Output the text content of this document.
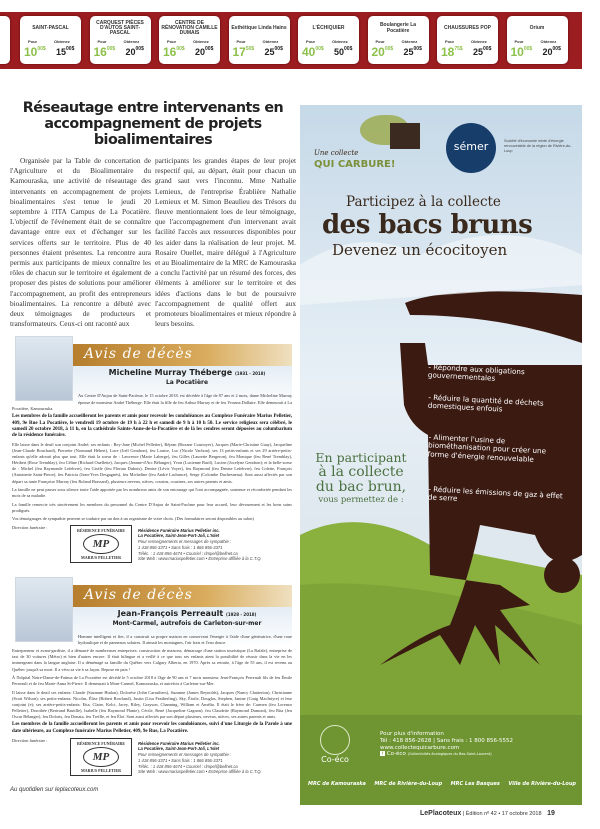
SAINT-PASCAL
Pour	Obtenez
$10^{00\$}$ $15^{00\$}$
CARQUEST PIÈCES D'AUTOS SAINT-PASCAL
Pour	Obtenez
$16^{00\$}$ $20^{00\$}$
CENTRE DE RÉNOVATION CAMILLE DUMAIS
Pour	Obtenez
$16^{00\$}$ $20^{00\$}$
Esthétique Linda Hains
Pour	Obtenez
$17^{50\$}$ $25^{00\$}$
L'ÉCHIQUIER
Pour	Obtenez
$40^{00\$}$ $50^{00\$}$
Boulangerie La Pocatière
Pour	Obtenez
$20^{00\$}$ $25^{00\$}$
CHAUSSURES POP
Pour	Obtenez
$18^{75\$}$ $25^{00\$}$
Orium
Pour	Obtenez
$10^{00\$}$ $20^{00\$}$
Réseautage entre intervenants en accompagnement de projets bioalimentaires

Organisée par la Table de concertation de l'Agriculture et du Bioalimentaire du Kamouraska, une activité de réseautage des intervenants en accompagnement de projets bioalimentaires s'est tenue le jeudi 20 septembre à l'ITA Campus de La Pocatière. L'objectif de l'événement était de se connaître davantage entre eux et d'échanger sur les services offerts sur le territoire. Plus de 40 personnes étaient présentes. La rencontre aura permis aux participants de mieux connaître les rôles de chacun sur le territoire et également de proposer des pistes de solutions pour améliorer l'accompagnement, au profit des entrepreneurs bioalimentaires. La rencontre a débuté avec deux témoignages de producteurs et transformateurs. Ceux-ci ont raconté aux

participants les grandes étapes de leur projet respectif qui, au départ, était pour chacun un grand saut vers l'inconnu. Mme Nathalie Lemieux, de l'entreprise Érablière Nathalie Lemieux et M. Simon Beaulieu des Trésors du fleuve mentionnaient loes de leur témoignage, que l'accompagnement d'un intervenant avait facilité l'accès aux ressources disponibles pour les aider dans la réalisation de leur projet. M. Rosaire Ouellet, maire délégué à l'Agriculture et au Bioalimentaire de la MRC de Kamouraska a conclu l'activité par un résumé des forces, des éléments à améliorer sur le territoire et des idées d'actions dans le but de poursuivre l'accompagnement de qualité offert aux promoteurs bioalimentaires et mieux répondre à leurs besoins.

Avis de décès
Micheline Murray Théberge (1931 - 2018)
La Pocatière

Au Centre D'Anjou de Saint-Pacôme, le 15 octobre 2018, est décédée à l'âge de 87 ans et 2 mois, dame Micheline Murray épouse de monsieur André Théberge. Elle était la fille de feu Arthur Murray et de feu Yvonna Dallaire. Elle demeurait à La Pocatière, Kamouraska.

Les membres de la famille accueilleront les parents et amis pour recevoir les condoléances au Complexe Funéraire Marius Pelletier, 409, 9e Rue La Pocatière, le vendredi 19 octobre de 19 h à 22 h et samedi de 9 h à 10 h 50. Le service religieux sera célébré, le samedi 20 octobre 2018, à 11 h, en la cathédrale Sainte-Anne-de-la-Pocatière et de là les cendres seront déposées au columbarium de la résidence funéraire.

Elle laisse dans le deuil son conjoint André; ses enfants : Rey-Jane (Michel Pelletier), Réjean (Roxane Courtoyer), Jacques (Marie-Christine Guay), Jacqueline (Jean-Claude Bouchard), Pierrette (Normand Hébert), Luce (Joël Gendron), feu Louise, Luc (Nicole Vachon); ses 13 petits-enfants et ses 29 arrière-petits-enfants qu'elle adorait plus que tout. Elle était la soeur de : Lawrence (Marie Laberge), feu Gilles (Laurette Bergeron), feu Monique (feu René Tremblay), Héribert (Rose Tremblay), feu Céline (Richard Ouellette), Jacques (Jeanne-d'Arc Bélanger), Yvon (Lucienne Baril), Lucien (Jocelyne Gendron); et la belle-soeur de : Michel (feu Raymonde Lefebvre), feu Gisèle (feu Florian Dubois), Denise (Lévis Voyer), feu Raymond (feu Denise Lefebvre), feu Colette, François (Antoinette Saint-Pierre), feu Patricia (Jean-Yves Desgagnés), feu Micheline (feu André Lachance), Serge (Colombe Duchesneau). Sont aussi affectés par son départ sa tante Françoise Murray (feu Roland Brassard), plusieurs neveux, nièces, cousins, cousines, ses autres parents et amis.

La famille ne peut passer sous silence toute l'aide apportée par les nombreux amis de son entourage qui l'ont accompagnée, soutenue et réconfortée pendant les mois de sa maladie.

La famille remercie très sincèrement les membres du personnel du Centre D'Anjou de Saint-Pacôme pour leur accueil, leur dévouement et les bons soins prodigués.

Vos témoignages de sympathie peuvent se traduire par un don à un organisme de votre choix. (Des formulaires seront disponibles au salon)

Direction funéraire :
RÉSIDENCE FUNÉRAIRE
MP
MARIUS PELLETIER
Résidence Funéraire Marius Pelletier inc.
La Pocatière, Saint-Jean-Port-Joli, L'Islet
Pour renseignements et messages de sympathie :
1 418 856-3371 • Sans frais : 1 866 856-3371
Téléc. : 1 418 856-4674 • Courriel : rlmpel@bellnet.ca
Site Web : www.mariuspelletier.com • Entreprise affiliée à la C.T.Q.
Avis de décès
Jean-François Perreault (1928 - 2018)
Mont-Carmel, autrefois de Carleton-sur-mer

Homme intelligent et fier, il a construit sa propre maison en conservant l'énergie à l'aide d'une génératrice, d'une roue hydraulique et de panneaux solaires. Il aimait les montagnes, l'air frais et l'eau douce.

Entrepreneur et avant-gardiste, il a démarré de nombreuses entreprises: construction de maisons, démarrage d'une station touristique (La Rafale), entreprise de taxi de 30 voitures (Métro) et bien d'autres encore. Il était bilingue et a veillé à ce que tous ses enfants aient la possibilité de réussir dans la vie en les immergeant dans la langue anglaise. Il a déménagé sa famille du Québec vers Calgary Alberta, en 1970. Après sa retraite, à l'âge de 55 ans, il est revenu au Québec jusqu'à sa mort. Il a vécu sa vie à sa façon. Repose en paix !

À l'hôpital Notre-Dame-de-Fatima de La Pocatière est décédé le 5 octobre 2018 à l'âge de 90 ans et 7 mois monsieur Jean-François Perreault fils de feu Émile Perreault et de feu Marie-Anna St-Pierre. Il demeurait à Mont-Carmel, Kamouraska, et autrefois à Carleton-sur-Mer.

Il laisse dans le deuil ses enfants: Claude (Suzanne Hudon), Dolorèse (John Carruthers), Suzanne (James Reynolds), Jacques (Nancy Chatterton), Christianne (Scott Wilson); ses petits-enfants: Nicolas, Élise (Robert Rowland), Justin (Lisa Featherling), Sky, Étoile, Douglas, Stephen, Janine (Craig MacIntyre) et leur conjoint (e); ses arrière-petits-enfants: Etta, Claire, Kelci, Jacey, Riley, Grayson, Channing, William et Amélia. Il était le frère de: Carmen (feu Lorenzo Pelletier), Dorothée (Bertrand Bastille), Isabelle (feu Raymond Plante), Cécile, René (Jacqueline Gagnon), feu Claudette (Raymond Dumont), feu Rita (feu Oscar Bélanger), feu Doloris, feu Donata, feu Treffle, et feu Éloï. Sont aussi affectés par son départ plusieurs, neveux, nièces, ses autres parents et amis.

Les membres de la famille accueilleront les parents et amis pour recevoir les condoléances, suivi d'une Liturgie de la Parole à une date ultérieure, au Complexe funéraire Marius Pelletier, 409, 9e Rue, La Pocatière.

Direction funéraire :
RÉSIDENCE FUNÉRAIRE
MP
MARIUS PELLETIER
Résidence Funéraire Marius Pelletier inc.
La Pocatière, Saint-Jean-Port-Joli, L'Islet
Pour renseignements et messages de sympathie :
1 418 856-3371 • Sans frais : 1 866 856-3371
Téléc. : 1 418 856-4674 • Courriel : rlmpel@bellnet.ca
Site Web : www.mariuspelletier.com • Entreprise affiliée à la C.T.Q.
Au quotidien sur leplacoteux.com
Une collecte
QUI CARBURE!
sémer	Société d'économie mixte d'énergie renouvelable de la région de Rivière-du-Loup
Participez à la collecte
des bacs bruns
Devenez un écocitoyen
- Répondre aux obligations gouvernementales
- Réduire la quantité de déchets domestiques enfouis
- Alimenter l'usine de biométhanisation pour créer une forme d'énergie renouvelable
- Réduire les émissions de gaz à effet de serre
En participant
à la collecte
du bac brun,
vous permettez de :
Co-éco
Pour plus d'information
Tél : 418 856-2628 | Sans frais : 1 800 856-5552
www.collectequicarbure.com
f Co-éco (Collectivités écologiques du Bas-Saint-Laurent)
MRC de Kamouraska MRC de Rivière-du-Loup MRC Les Basques Ville de Rivière-du-Loup
LePlacoteux | Édition nº 42 • 17 octobre 2018 19
